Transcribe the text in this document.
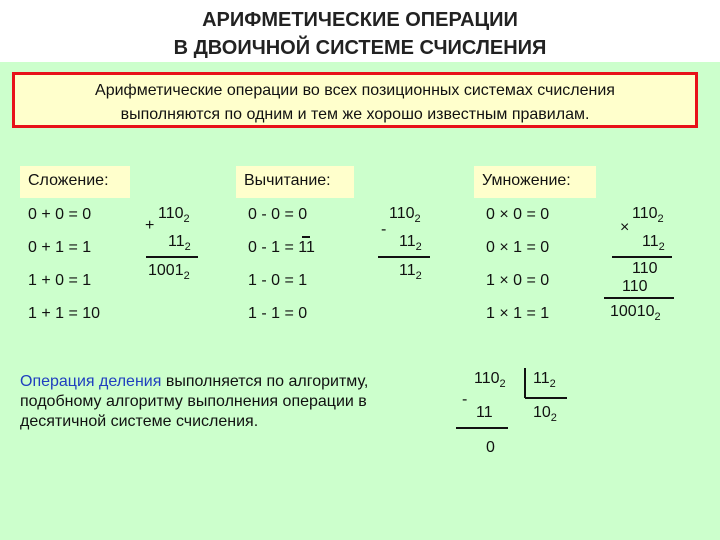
АРИФМЕТИЧЕСКИЕ ОПЕРАЦИИ
В ДВОИЧНОЙ СИСТЕМЕ СЧИСЛЕНИЯ
Арифметические операции во всех позиционных системах счисления
выполняются по одним и тем же хорошо известным правилам.
Сложение:	Вычитание:	Умножение:
0 + 0 = 0
0 + 1 = 1
1 + 0 = 1
1 + 1 = 10
+
$110_2$
$11_2$
$1001_2$
0 - 0 = 0
0 - 1 =
11
1 - 0 = 1
1 - 1 = 0
-
$110_2$
$11_2$
$11_2$
0 × 0 = 0
0 × 1 = 0
1 × 0 = 0
1 × 1 = 1
×
$110_2$
$11_2$
110
110
$10010_2$
Операция деления выполняется по алгоритму,
подобному алгоритму выполнения операции в
десятичной системе счисления.
$110_2$ $11_2$
-
11	$10_2$
0
